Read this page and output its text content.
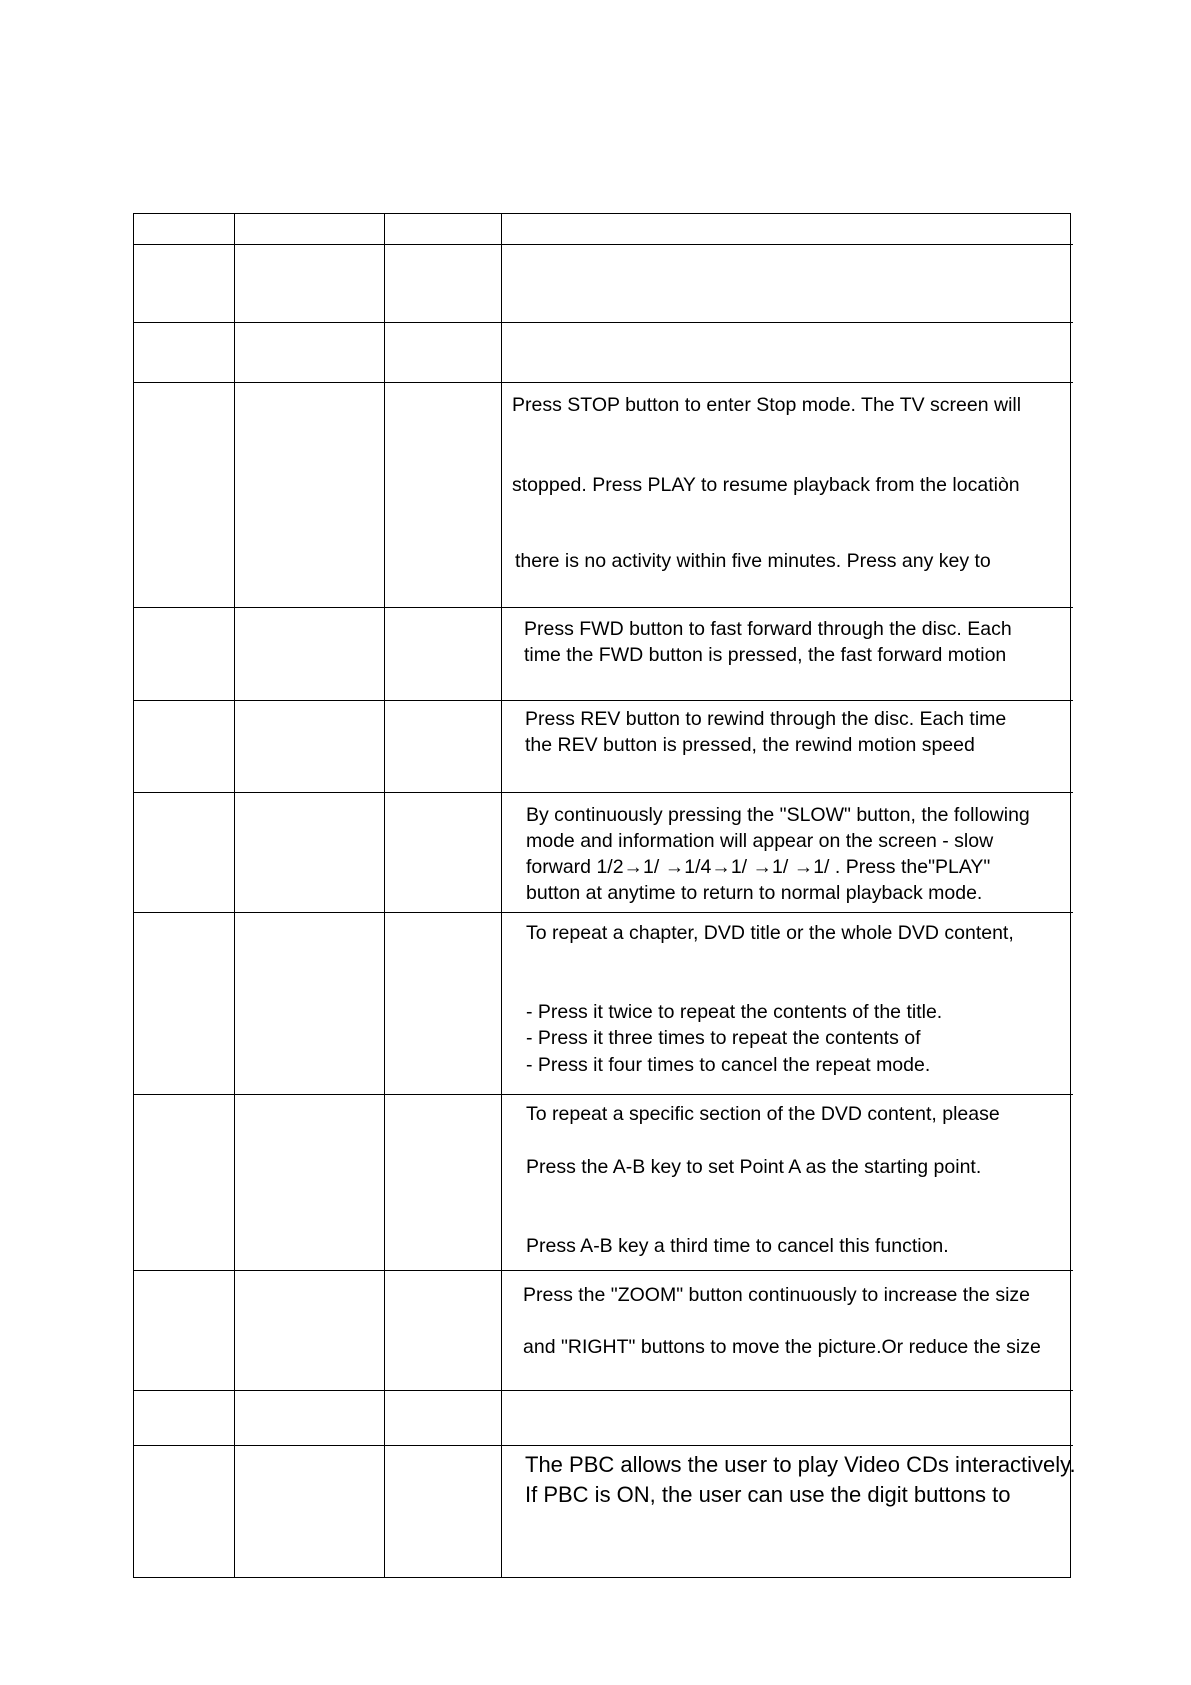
Press STOP button to enter Stop mode. The TV screen will

stopped. Press PLAY to resume playback from the locatiòn

there is no activity within five minutes. Press any key to

Press FWD button to fast forward through the disc. Each

time the FWD button is pressed, the fast forward motion

Press REV button to rewind through the disc. Each time

the REV button is pressed, the rewind motion speed

By continuously pressing the "SLOW" button, the following

mode and information will appear on the screen - slow

forward 1/2→1/ →1/4→1/ →1/ →1/ . Press the"PLAY"

button at anytime to return to normal playback mode.

To repeat a chapter, DVD title or the whole DVD content,

- Press it twice to repeat the contents of the title.

- Press it three times to repeat the contents of

- Press it four times to cancel the repeat mode.

To repeat a specific section of the DVD content, please

Press the A-B key to set Point A as the starting point.

Press A-B key a third time to cancel this function.

Press the "ZOOM" button continuously to increase the size

and "RIGHT" buttons to move the picture.Or reduce the size

The PBC allows the user to play Video CDs interactively.

If PBC is ON, the user can use the digit buttons to
